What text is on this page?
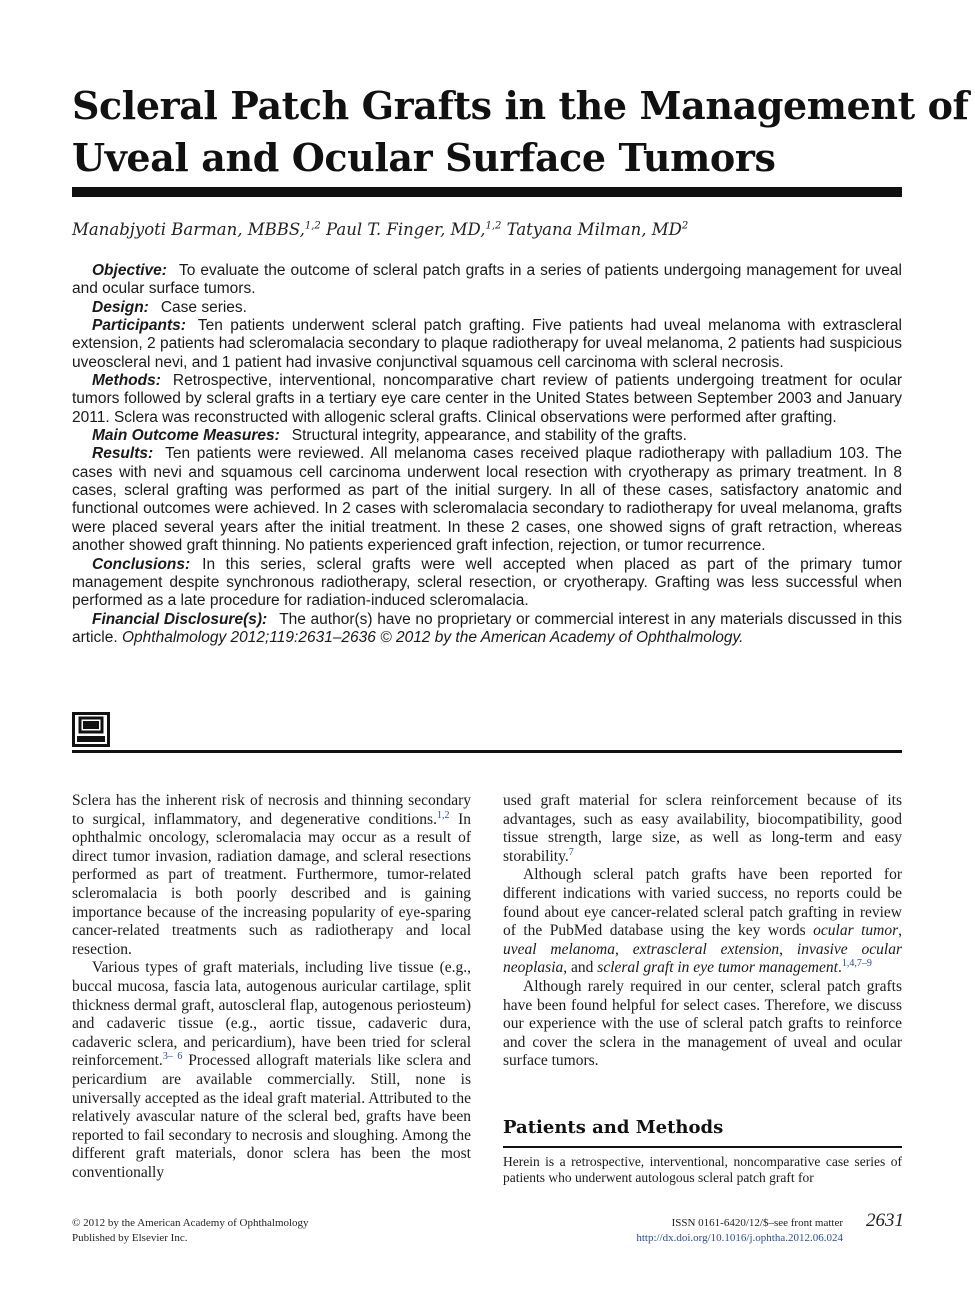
Scleral Patch Grafts in the Management of
Uveal and Ocular Surface Tumors
Manabjyoti Barman, MBBS,$^{1,2}$ Paul T. Finger, MD,$^{1,2}$ Tatyana Milman, $MD^2$

Objective: To evaluate the outcome of scleral patch grafts in a series of patients undergoing management for uveal and ocular surface tumors.

Design: Case series.

Participants: Ten patients underwent scleral patch grafting. Five patients had uveal melanoma with extrascleral extension, 2 patients had scleromalacia secondary to plaque radiotherapy for uveal melanoma, 2 patients had suspicious uveoscleral nevi, and 1 patient had invasive conjunctival squamous cell carcinoma with scleral necrosis.

Methods: Retrospective, interventional, noncomparative chart review of patients undergoing treatment for ocular tumors followed by scleral grafts in a tertiary eye care center in the United States between September 2003 and January 2011. Sclera was reconstructed with allogenic scleral grafts. Clinical observations were performed after grafting.

Main Outcome Measures: Structural integrity, appearance, and stability of the grafts.

Results: Ten patients were reviewed. All melanoma cases received plaque radiotherapy with palladium 103. The cases with nevi and squamous cell carcinoma underwent local resection with cryotherapy as primary treatment. In 8 cases, scleral grafting was performed as part of the initial surgery. In all of these cases, satisfactory anatomic and functional outcomes were achieved. In 2 cases with scleromalacia secondary to radiotherapy for uveal melanoma, grafts were placed several years after the initial treatment. In these 2 cases, one showed signs of graft retraction, whereas another showed graft thinning. No patients experienced graft infection, rejection, or tumor recurrence.

Conclusions: In this series, scleral grafts were well accepted when placed as part of the primary tumor management despite synchronous radiotherapy, scleral resection, or cryotherapy. Grafting was less successful when performed as a late procedure for radiation-induced scleromalacia.

Financial Disclosure(s): The author(s) have no proprietary or commercial interest in any materials discussed in this article. Ophthalmology 2012;119:2631–2636 © 2012 by the American Academy of Ophthalmology.

Sclera has the inherent risk of necrosis and thinning secondary to surgical, inflammatory, and degenerative conditions.$^{1,2}$ In ophthalmic oncology, scleromalacia may occur as a result of direct tumor invasion, radiation damage, and scleral resections performed as part of treatment. Furthermore, tumor-related scleromalacia is both poorly described and is gaining importance because of the increasing popularity of eye-sparing cancer-related treatments such as radiotherapy and local resection.

Various types of graft materials, including live tissue (e.g., buccal mucosa, fascia lata, autogenous auricular cartilage, split thickness dermal graft, autoscleral flap, autogenous periosteum) and cadaveric tissue (e.g., aortic tissue, cadaveric dura, cadaveric sclera, and pericardium), have been tried for scleral reinforcement.$^{3- 6}$ Processed allograft materials like sclera and pericardium are available commercially. Still, none is universally accepted as the ideal graft material. Attributed to the relatively avascular nature of the scleral bed, grafts have been reported to fail secondary to necrosis and sloughing. Among the different graft materials, donor sclera has been the most conventionally

used graft material for sclera reinforcement because of its advantages, such as easy availability, biocompatibility, good tissue strength, large size, as well as long-term and easy storability.$^7$

Although scleral patch grafts have been reported for different indications with varied success, no reports could be found about eye cancer-related scleral patch grafting in review of the PubMed database using the key words ocular tumor, uveal melanoma, extrascleral extension, invasive ocular neoplasia, and scleral graft in eye tumor management.$^{1,4,7-9}$

Although rarely required in our center, scleral patch grafts have been found helpful for select cases. Therefore, we discuss our experience with the use of scleral patch grafts to reinforce and cover the sclera in the management of uveal and ocular surface tumors.

Patients and Methods
Herein is a retrospective, interventional, noncomparative case series of patients who underwent autologous scleral patch graft for
© 2012 by the American Academy of Ophthalmology
Published by Elsevier Inc.
ISSN 0161-6420/12/$–see front matter
http://dx.doi.org/10.1016/j.ophtha.2012.06.024
2631
